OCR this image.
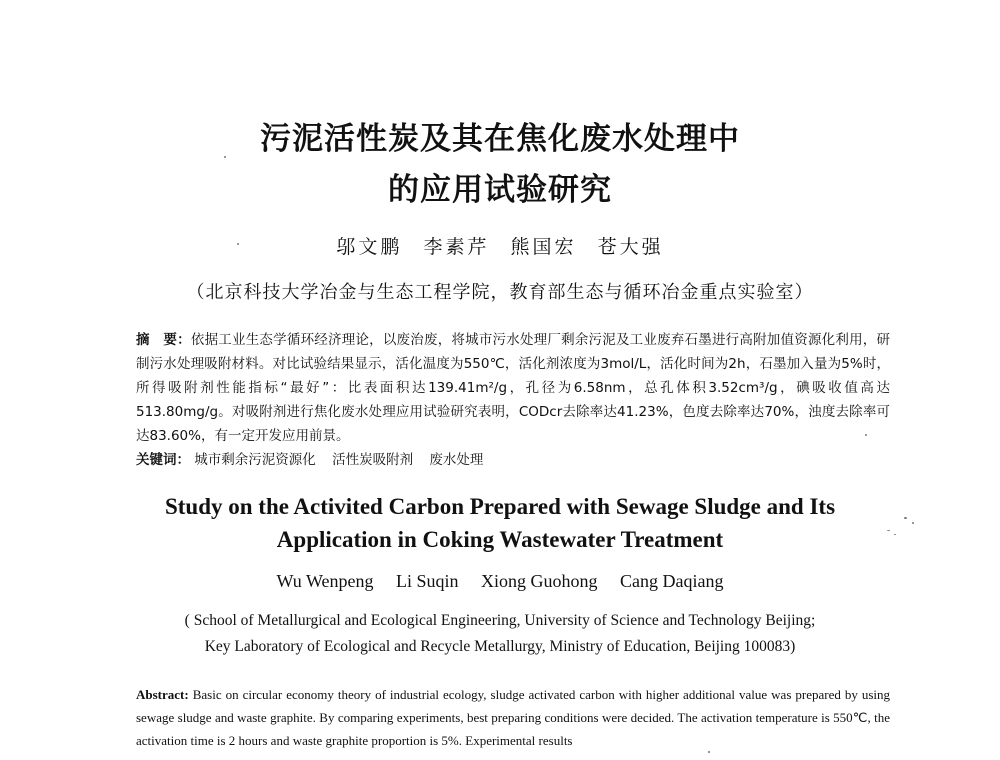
污泥活性炭及其在焦化废水处理中
的应用试验研究
邬文鹏 李素芹 熊国宏 苍大强
（北京科技大学冶金与生态工程学院，教育部生态与循环冶金重点实验室）
摘　要：依据工业生态学循环经济理论，以废治废，将城市污水处理厂剩余污泥及工业废弃石墨进行高附加值资源化利用，研制污水处理吸附材料。对比试验结果显示，活化温度为550℃，活化剂浓度为3mol/L，活化时间为2h，石墨加入量为5%时，所得吸附剂性能指标“最好”：比表面积达139.41m²/g，孔径为6.58nm，总孔体积3.52cm³/g，碘吸收值高达513.80mg/g。对吸附剂进行焦化废水处理应用试验研究表明，CODcr去除率达41.23%，色度去除率达70%，浊度去除率可达83.60%，有一定开发应用前景。
关键词： 城市剩余污泥资源化 活性炭吸附剂 废水处理
Study on the Activited Carbon Prepared with Sewage Sludge and Its
Application in Coking Wastewater Treatment
Wu Wenpeng Li Suqin Xiong Guohong Cang Daqiang
( School of Metallurgical and Ecological Engineering, University of Science and Technology Beijing;
Key Laboratory of Ecological and Recycle Metallurgy, Ministry of Education, Beijing 100083)
Abstract: Basic on circular economy theory of industrial ecology, sludge activated carbon with higher additional value was prepared by using sewage sludge and waste graphite. By comparing experiments, best preparing conditions were decided. The activation temperature is 550℃, the activation time is 2 hours and waste graphite proportion is 5%. Experimental results
